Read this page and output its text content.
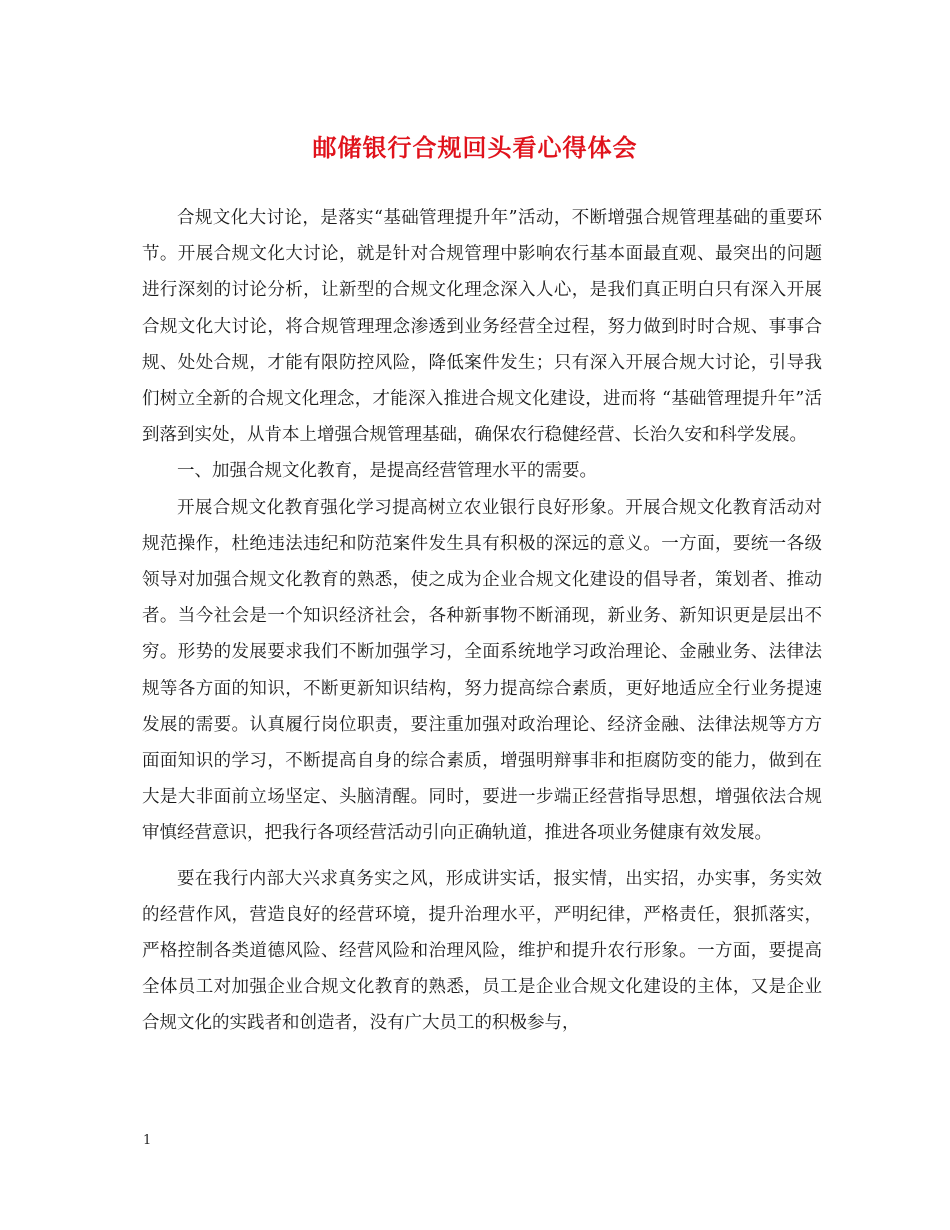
邮储银行合规回头看心得体会

合规文化大讨论，是落实“基础管理提升年”活动，不断增强合规管理基础的重要环节。开展合规文化大讨论，就是针对合规管理中影响农行基本面最直观、最突出的问题进行深刻的讨论分析，让新型的合规文化理念深入人心，是我们真正明白只有深入开展合规文化大讨论，将合规管理理念渗透到业务经营全过程，努力做到时时合规、事事合规、处处合规，才能有限防控风险，降低案件发生；只有深入开展合规大讨论，引导我们树立全新的合规文化理念，才能深入推进合规文化建设，进而将 “基础管理提升年”活到落到实处，从肯本上增强合规管理基础，确保农行稳健经营、长治久安和科学发展。

一、加强合规文化教育，是提高经营管理水平的需要。

开展合规文化教育强化学习提高树立农业银行良好形象。开展合规文化教育活动对规范操作，杜绝违法违纪和防范案件发生具有积极的深远的意义。一方面，要统一各级领导对加强合规文化教育的熟悉，使之成为企业合规文化建设的倡导者，策划者、推动者。当今社会是一个知识经济社会，各种新事物不断涌现，新业务、新知识更是层出不穷。形势的发展要求我们不断加强学习，全面系统地学习政治理论、金融业务、法律法规等各方面的知识，不断更新知识结构，努力提高综合素质，更好地适应全行业务提速发展的需要。认真履行岗位职责，要注重加强对政治理论、经济金融、法律法规等方方面面知识的学习，不断提高自身的综合素质，增强明辩事非和拒腐防变的能力，做到在大是大非面前立场坚定、头脑清醒。同时，要进一步端正经营指导思想，增强依法合规审慎经营意识，把我行各项经营活动引向正确轨道，推进各项业务健康有效发展。

要在我行内部大兴求真务实之风，形成讲实话，报实情，出实招，办实事，务实效的经营作风，营造良好的经营环境，提升治理水平，严明纪律，严格责任，狠抓落实，严格控制各类道德风险、经营风险和治理风险，维护和提升农行形象。一方面，要提高全体员工对加强企业合规文化教育的熟悉，员工是企业合规文化建设的主体，又是企业合规文化的实践者和创造者，没有广大员工的积极参与，

1
